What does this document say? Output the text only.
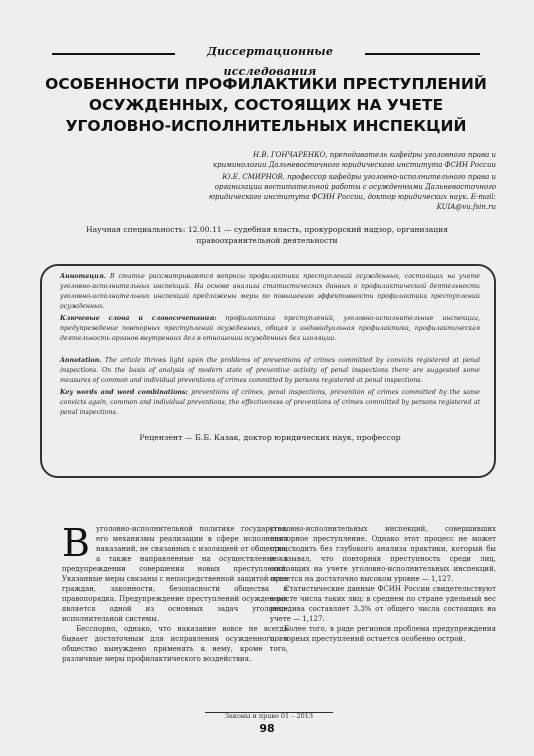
Диссертационные исследования
ОСОБЕННОСТИ ПРОФИЛАКТИКИ ПРЕСТУПЛЕНИЙ
ОСУЖДЕННЫХ, СОСТОЯЩИХ НА УЧЕТЕ
УГОЛОВНО-ИСПОЛНИТЕЛЬНЫХ ИНСПЕКЦИЙ
Н.В. ГОНЧАРЕНКО, преподаватель кафедры уголовного права и криминологии Дальневосточного юридического института ФСИН России
Ю.Е. СМИРНОВ, профессор кафедры уголовно-исполнительного права и организации воспитательной работы с осужденными Дальневосточного юридического института ФСИН России, доктор юридических наук. E-mail: KUIA@vu.fsin.ru
Научная специальность: 12.00.11 — судебная власть, прокурорский надзор, организация правоохранительной деятельности

Аннотация. В статье рассматриваются вопросы профилактики преступлений осужденных, состоящих на учете уголовно-исполнительных инспекций. На основе анализа статистических данных о профилактической деятельности уголовно-исполнительных инспекций предложены меры по повышению эффективности профилактики преступлений осужденных.

Ключевые слова и словосочетания: профилактика преступлений, уголовно-исполнительные инспекции, предупреждение повторных преступлений осужденных, общая и индивидуальная профилактика, профилактическая деятельность органов внутренних дел в отношении осужденных без изоляции.

Annotation. The article throws light upon the problems of preventions of crimes committed by convicts registered at penal inspections. On the basis of analysis of modern state of preventive activity of penal inspections there are suggested some measures of common and individual preventions of crimes committed by persons registered at penal inspections.

Key words and word combinations: preventions of crimes, penal inspections, prevention of crimes committed by the same convicts again, common and individual preventions, the effectiveness of preventions of crimes committed by persons registered at penal inspections.

Рецензент — Б.Б. Казак, доктор юридических наук, профессор

В уголовно-исполнительной политике государства, его механизмы реализации в сфере исполнения наказаний, не связанных с изоляцией от общества, а также направленные на осуществление в предупреждении совершения новых преступлений. Указанные меры связаны с непосредственной защитой прав граждан, законности, безопасности общества и правопорядка. Предупреждение преступлений осужденных является одной из основных задач уголовно-исполнительной системы.

Бесспорно, однако, что наказание вовсе не всегда бывает достаточным для исправления осужденного, и общество вынуждено применять к нему, кроме того, различные меры профилактического воздействия.

уголовно-исполнительных инспекций, совершивших повторное преступление. Однако этот процесс не может происходить без глубокого анализа практики, который бы показывал, что повторная преступность среди лиц, состоящих на учете уголовно-исполнительных инспекций, остается на достаточно высоком уровне — 1,127.

Статистические данные ФСИН России свидетельствуют о росте числа таких лиц: в среднем по стране удельный вес рецидива составляет 3,3% от общего числа состоящих на учете — 1,127.

Более того, в ряде регионов проблема предупреждения повторных преступлений остается особенно острой.

Законы и право 01 – 2013
98
